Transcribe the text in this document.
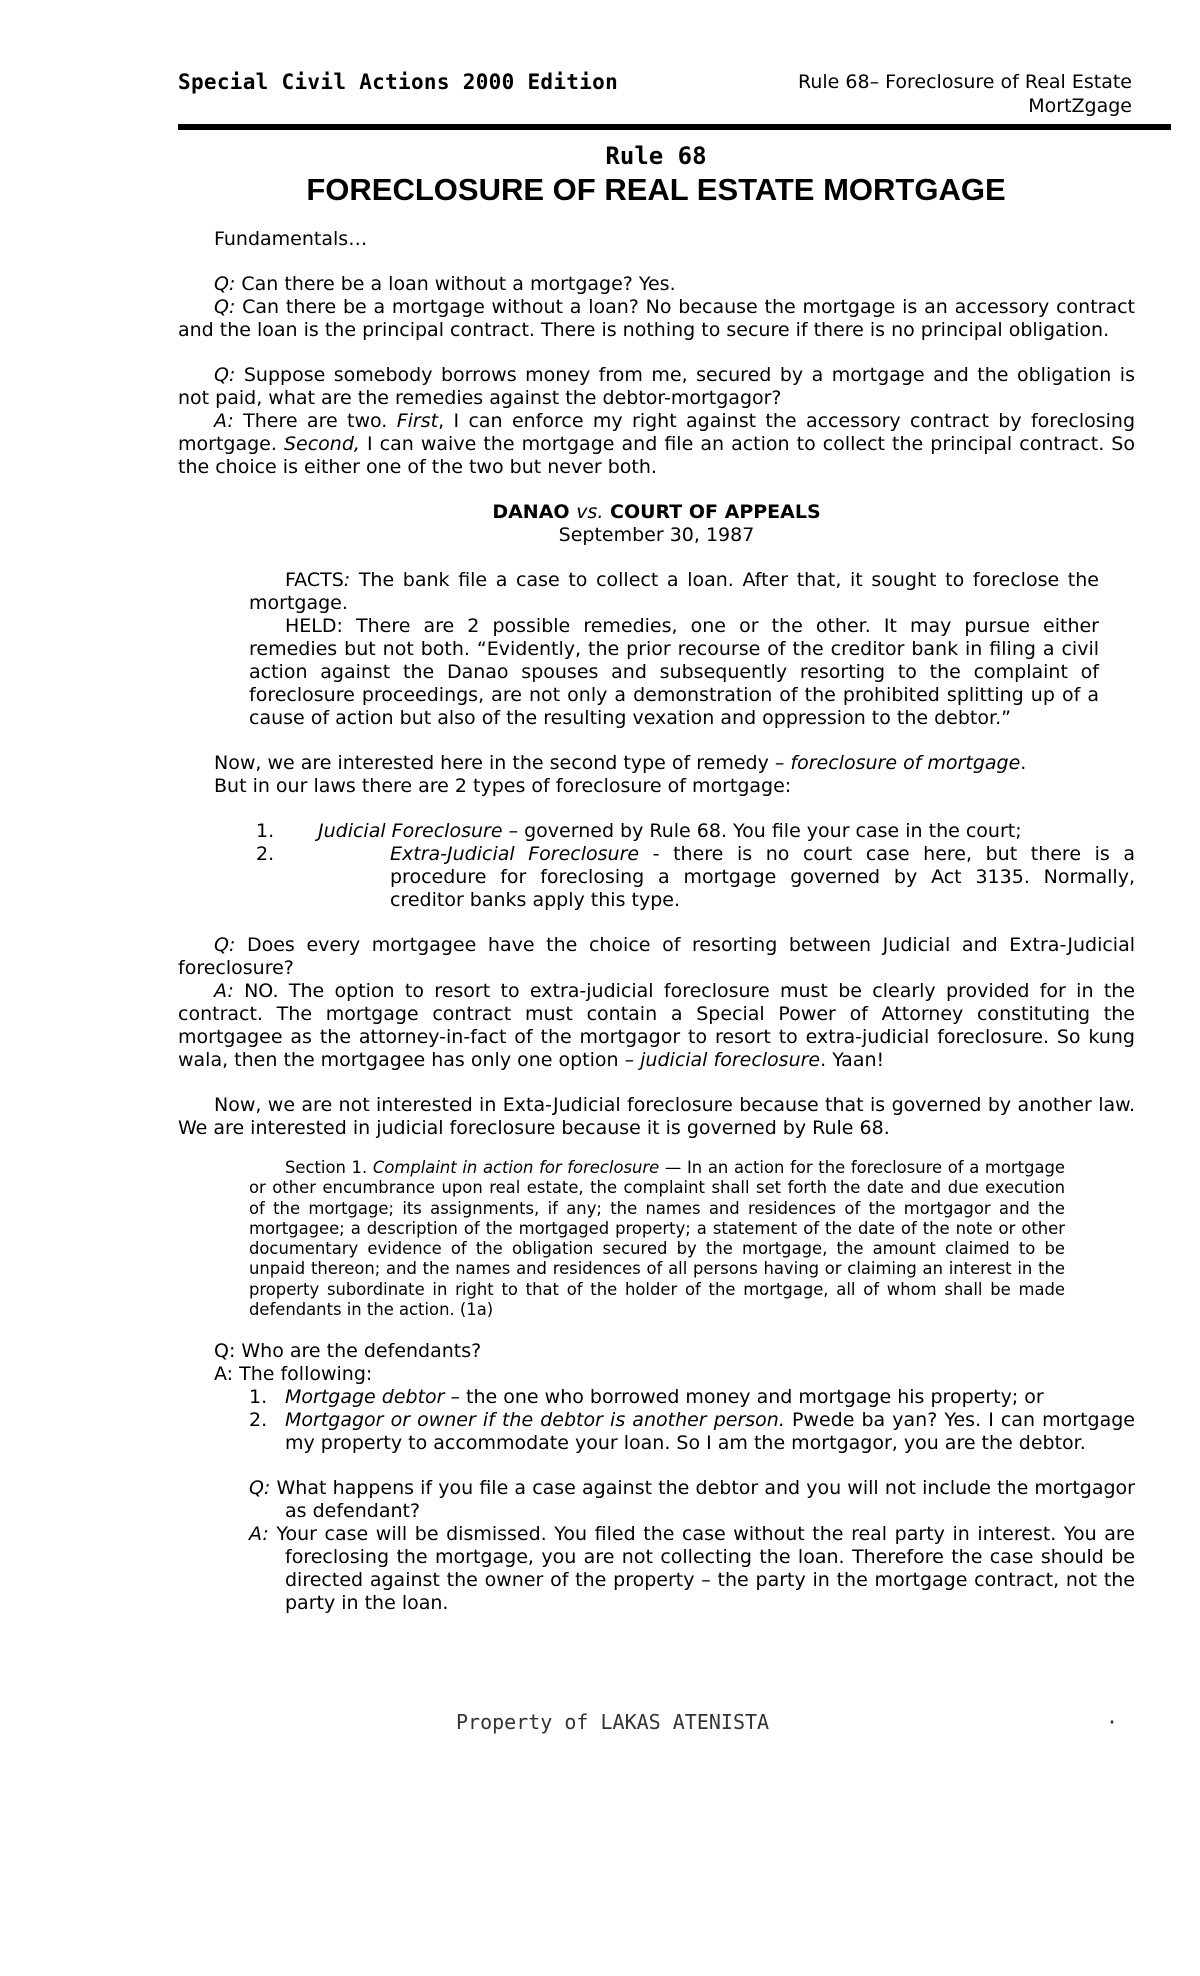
Special Civil Actions 2000 Edition	Rule 68– Foreclosure of Real Estate
MortZgage
Rule 68
FORECLOSURE OF REAL ESTATE MORTGAGE

Fundamentals…

Q: Can there be a loan without a mortgage? Yes.

Q: Can there be a mortgage without a loan? No because the mortgage is an accessory contract and the loan is the principal contract. There is nothing to secure if there is no principal obligation.

Q: Suppose somebody borrows money from me, secured by a mortgage and the obligation is not paid, what are the remedies against the debtor-mortgagor?

A: There are two. First, I can enforce my right against the accessory contract by foreclosing mortgage. Second, I can waive the mortgage and file an action to collect the principal contract. So the choice is either one of the two but never both.

DANAO vs. COURT OF APPEALS

September 30, 1987

FACTS: The bank file a case to collect a loan. After that, it sought to foreclose the mortgage.

HELD: There are 2 possible remedies, one or the other. It may pursue either remedies but not both. “Evidently, the prior recourse of the creditor bank in filing a civil action against the Danao spouses and subsequently resorting to the complaint of foreclosure proceedings, are not only a demonstration of the prohibited splitting up of a cause of action but also of the resulting vexation and oppression to the debtor.”

Now, we are interested here in the second type of remedy – foreclosure of mortgage.

But in our laws there are 2 types of foreclosure of mortgage:

1. Judicial Foreclosure – governed by Rule 68. You file your case in the court;
2.	Extra-Judicial Foreclosure - there is no court case here, but there is a procedure for foreclosing a mortgage governed by Act 3135. Normally, creditor banks apply this type.

Q: Does every mortgagee have the choice of resorting between Judicial and Extra-Judicial foreclosure?

A: NO. The option to resort to extra-judicial foreclosure must be clearly provided for in the contract. The mortgage contract must contain a Special Power of Attorney constituting the mortgagee as the attorney-in-fact of the mortgagor to resort to extra-judicial foreclosure. So kung wala, then the mortgagee has only one option – judicial foreclosure. Yaan!

Now, we are not interested in Exta-Judicial foreclosure because that is governed by another law. We are interested in judicial foreclosure because it is governed by Rule 68.

Section 1. Complaint in action for foreclosure — In an action for the foreclosure of a mortgage or other encumbrance upon real estate, the complaint shall set forth the date and due execution of the mortgage; its assignments, if any; the names and residences of the mortgagor and the mortgagee; a description of the mortgaged property; a statement of the date of the note or other documentary evidence of the obligation secured by the mortgage, the amount claimed to be unpaid thereon; and the names and residences of all persons having or claiming an interest in the property subordinate in right to that of the holder of the mortgage, all of whom shall be made defendants in the action. (1a)

Q: Who are the defendants?

A: The following:

1. Mortgage debtor – the one who borrowed money and mortgage his property; or
2. Mortgagor or owner if the debtor is another person. Pwede ba yan? Yes. I can mortgage my property to accommodate your loan. So I am the mortgagor, you are the debtor.

Q: What happens if you file a case against the debtor and you will not include the mortgagor as defendant?

A: Your case will be dismissed. You filed the case without the real party in interest. You are foreclosing the mortgage, you are not collecting the loan. Therefore the case should be directed against the owner of the property – the party in the mortgage contract, not the party in the loan.

Property of LAKAS ATENISTA	·
